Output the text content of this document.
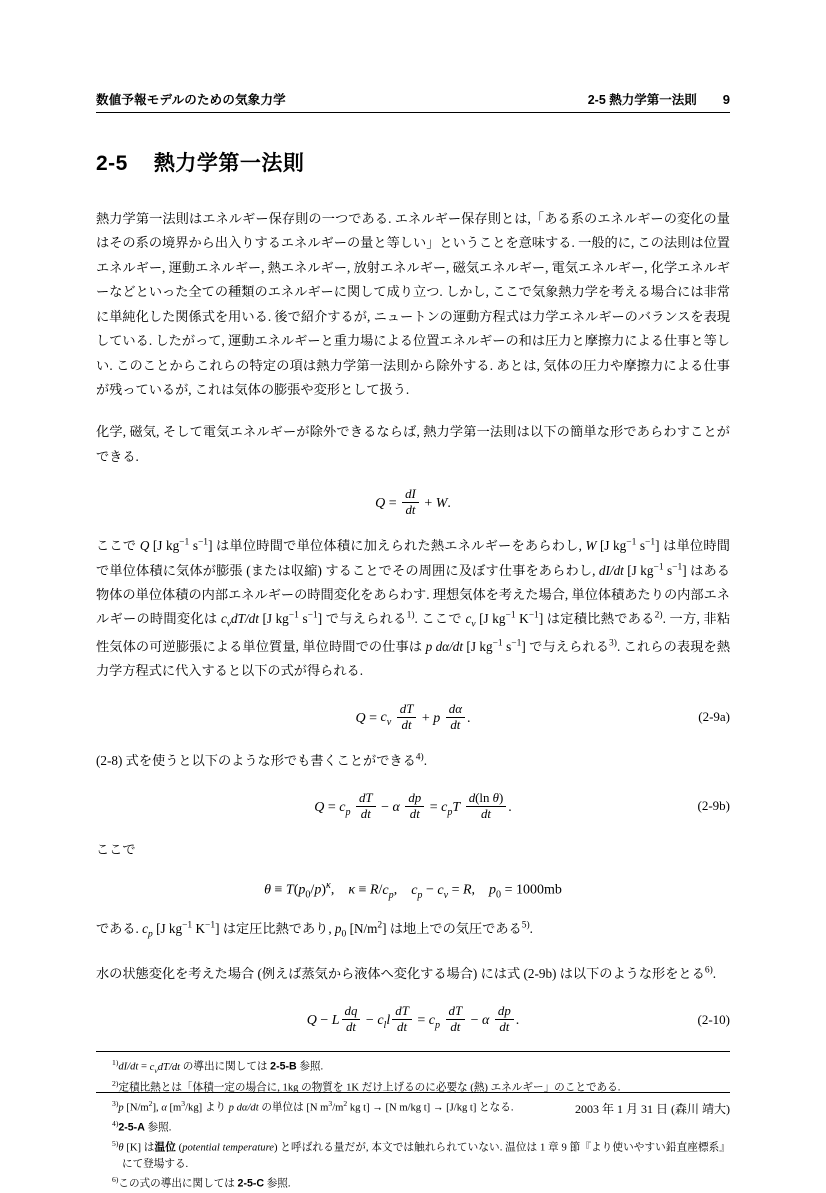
数値予報モデルのための気象力学	2-5 熱力学第一法則 9
2-5 熱力学第一法則

熱力学第一法則はエネルギー保存則の一つである. エネルギー保存則とは,「ある系のエネルギーの変化の量はその系の境界から出入りするエネルギーの量と等しい」ということを意味する. 一般的に, この法則は位置エネルギー, 運動エネルギー, 熱エネルギー, 放射エネルギー, 磁気エネルギー, 電気エネルギー, 化学エネルギーなどといった全ての種類のエネルギーに関して成り立つ. しかし, ここで気象熱力学を考える場合には非常に単純化した関係式を用いる. 後で紹介するが, ニュートンの運動方程式は力学エネルギーのバランスを表現している. したがって, 運動エネルギーと重力場による位置エネルギーの和は圧力と摩擦力による仕事と等しい. このことからこれらの特定の項は熱力学第一法則から除外する. あとは, 気体の圧力や摩擦力による仕事が残っているが, これは気体の膨張や変形として扱う.

化学, 磁気, そして電気エネルギーが除外できるならば, 熱力学第一法則は以下の簡単な形であらわすことができる.

$Q = \frac{dI}{dt} + W$.

ここで Q [J $kg^{-1}$ $s^{-1}$] は単位時間で単位体積に加えられた熱エネルギーをあらわし, W [J $kg^{-1}$ $s^{-1}$] は単位時間で単位体積に気体が膨張 (または収縮) することでその周囲に及ぼす仕事をあらわし, dI/dt [J $kg^{-1}$ $s^{-1}$] はある物体の単位体積の内部エネルギーの時間変化をあらわす. 理想気体を考えた場合, 単位体積あたりの内部エネルギーの時間変化は $c_vdT/dt$ [J $kg^{-1}$ $s^{-1}$] で与えられる$^{1)}$. ここで $c_v$ [J $kg^{-1}$ $K^{-1}$] は定積比熱である$^{2)}$. 一方, 非粘性気体の可逆膨張による単位質量, 単位時間での仕事は p dα/dt [J $kg^{-1}$ $s^{-1}$] で与えられる$^{3)}$. これらの表現を熱力学方程式に代入すると以下の式が得られる.

$Q = c_v \frac{dT}{dt} + p \frac{d\alpha}{dt}$ .	(2-9a)

(2-8) 式を使うと以下のような形でも書くことができる$^{4)}$.

$Q = c_p \frac{dT}{dt} - \alpha \frac{dp}{dt} = c_pT \frac{\text{d(ln θ)}}{dt}$ .	(2-9b)

ここで

$\theta \equiv T(p_0/p)^\kappa$,    $\kappa \equiv R/c_p$,    $c_p - c_v = R$,    $p_0 = 1000mb$

である. $c_p$ [J $kg^{-1}$ $K^{-1}$] は定圧比熱であり, $p_0$ $[N/m^2]$ は地上での気圧である$^{5)}$.

水の状態変化を考えた場合 (例えば蒸気から液体へ変化する場合) には式 (2-9b) は以下のような形をとる$^{6)}$.

Q − L $\frac{dq}{dt} - c_ll \frac{dT}{dt} = c_p \frac{dT}{dt} - \alpha \frac{dp}{dt}$ .	(2-10)

$^{1)}dI/dt = c_vdT/dt$ の導出に関しては 2-5-B 参照.

$^{2)}$定積比熱とは「体積一定の場合に, 1kg の物質を 1K だけ上げるのに必要な (熱) エネルギー」のことである.

$^{3)}$p $[N/m^2]$, α $[m^3/kg]$ より p dα/dt の単位は [N $m^3/m^2$ kg t] → [N m/kg t] → [J/kg t] となる.

$^{4)}$2-5-A 参照.

$^{5)}$θ [K] は温位 (potential temperature) と呼ばれる量だが, 本文では触れられていない. 温位は 1 章 9 節『より使いやすい鉛直座標系』にて登場する.

$^{6)}$この式の導出に関しては 2-5-C 参照.

2003 年 1 月 31 日 (森川 靖大)
